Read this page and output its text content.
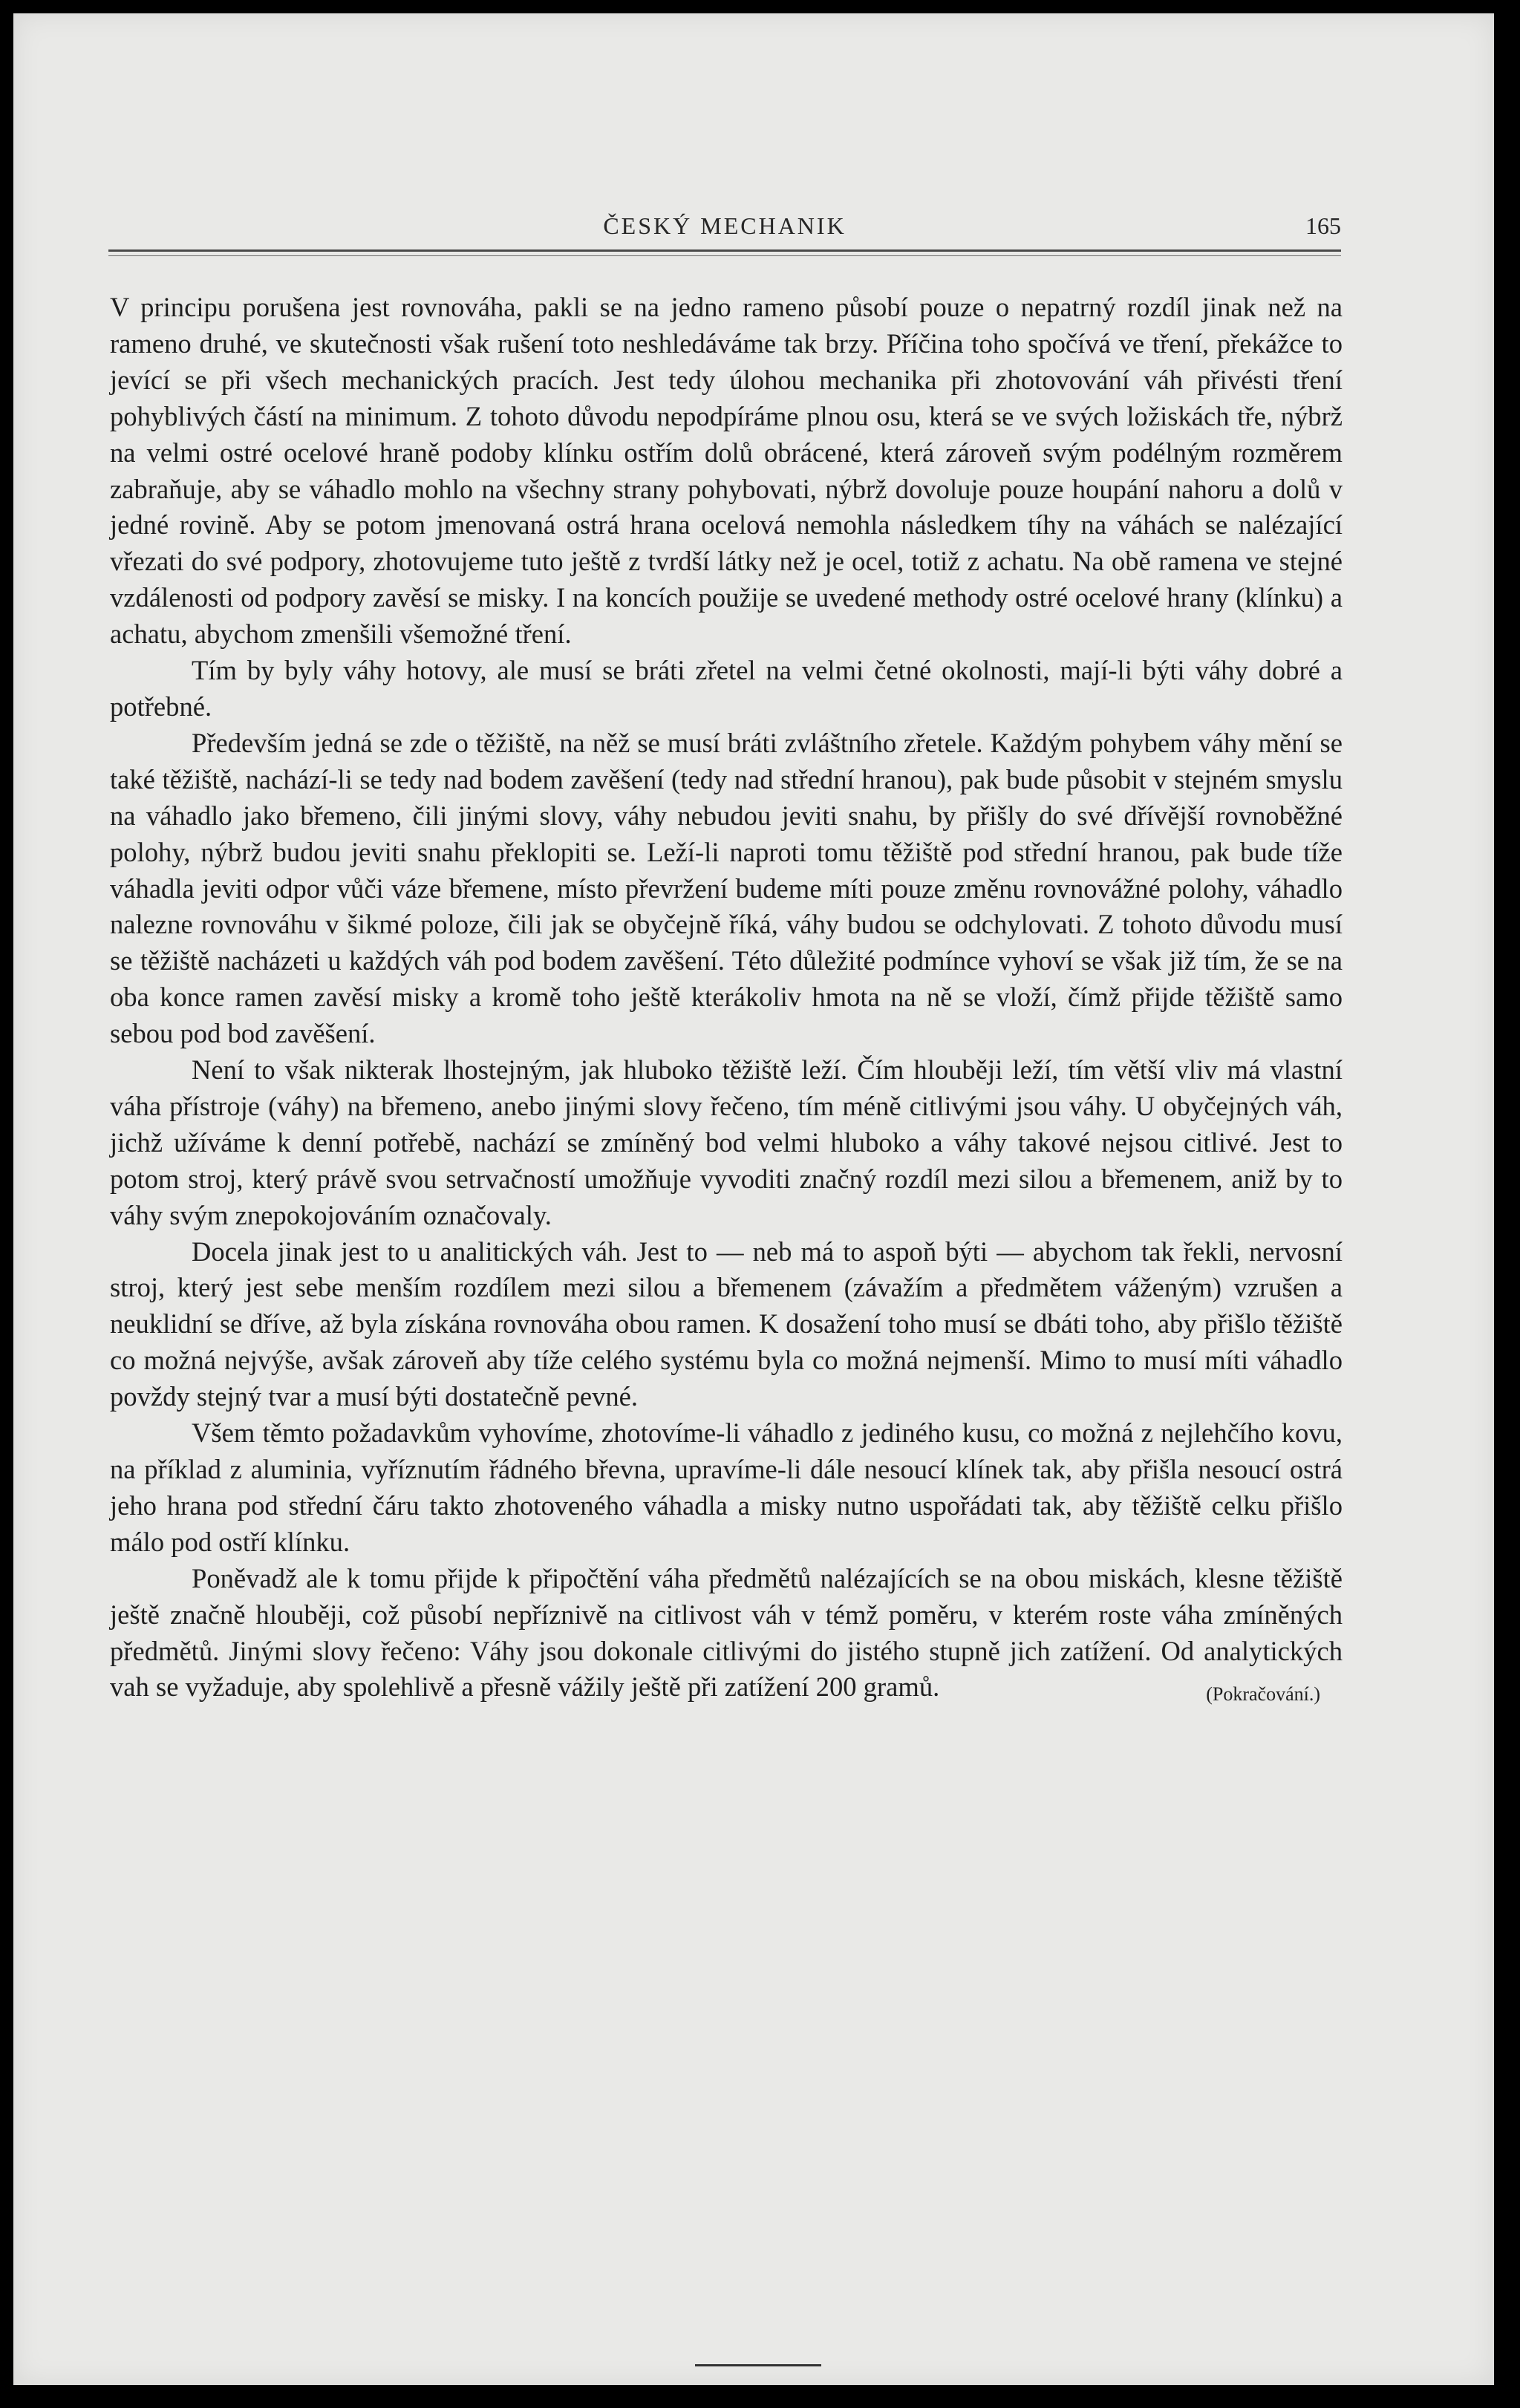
ČESKÝ MECHANIK	165

V principu porušena jest rovnováha, pakli se na jedno rameno působí pouze o nepatrný rozdíl jinak než na rameno druhé, ve skutečnosti však rušení toto neshledáváme tak brzy. Příčina toho spočívá ve tření, překážce to jevící se při všech mechanických pracích. Jest tedy úlohou mechanika při zhotovování váh přivésti tření pohyblivých částí na minimum. Z tohoto důvodu nepodpíráme plnou osu, která se ve svých ložiskách tře, nýbrž na velmi ostré ocelové hraně podoby klínku ostřím dolů obrácené, která zároveň svým podélným rozměrem zabraňuje, aby se váhadlo mohlo na všechny strany pohybovati, nýbrž dovoluje pouze houpání nahoru a dolů v jedné rovině. Aby se potom jmenovaná ostrá hrana ocelová nemohla následkem tíhy na váhách se nalézající vřezati do své podpory, zhotovujeme tuto ještě z tvrdší látky než je ocel, totiž z achatu. Na obě ramena ve stejné vzdálenosti od podpory zavěsí se misky. I na koncích použije se uvedené methody ostré ocelové hrany (klínku) a achatu, abychom zmenšili všemožné tření.

Tím by byly váhy hotovy, ale musí se bráti zřetel na velmi četné okolnosti, mají-li býti váhy dobré a potřebné.

Především jedná se zde o těžiště, na něž se musí bráti zvláštního zřetele. Každým pohybem váhy mění se také těžiště, nachází-li se tedy nad bodem zavěšení (tedy nad střední hranou), pak bude působit v stejném smyslu na váhadlo jako břemeno, čili jinými slovy, váhy nebudou jeviti snahu, by přišly do své dřívější rovnoběžné polohy, nýbrž budou jeviti snahu překlopiti se. Leží-li naproti tomu těžiště pod střední hranou, pak bude tíže váhadla jeviti odpor vůči váze břemene, místo převržení budeme míti pouze změnu rovnovážné polohy, váhadlo nalezne rovnováhu v šikmé poloze, čili jak se obyčejně říká, váhy budou se odchylovati. Z tohoto důvodu musí se těžiště nacházeti u každých váh pod bodem zavěšení. Této důležité podmínce vyhoví se však již tím, že se na oba konce ramen zavěsí misky a kromě toho ještě kterákoliv hmota na ně se vloží, čímž přijde těžiště samo sebou pod bod zavěšení.

Není to však nikterak lhostejným, jak hluboko těžiště leží. Čím hlouběji leží, tím větší vliv má vlastní váha přístroje (váhy) na břemeno, anebo jinými slovy řečeno, tím méně citlivými jsou váhy. U obyčejných váh, jichž užíváme k denní potřebě, nachází se zmíněný bod velmi hluboko a váhy takové nejsou citlivé. Jest to potom stroj, který právě svou setrvačností umožňuje vyvoditi značný rozdíl mezi silou a břemenem, aniž by to váhy svým znepokojováním označovaly.

Docela jinak jest to u analitických váh. Jest to — neb má to aspoň býti — abychom tak řekli, nervosní stroj, který jest sebe menším rozdílem mezi silou a břemenem (závažím a předmětem váženým) vzrušen a neuklidní se dříve, až byla získána rovnováha obou ramen. K dosažení toho musí se dbáti toho, aby přišlo těžiště co možná nejvýše, avšak zároveň aby tíže celého systému byla co možná nejmenší. Mimo to musí míti váhadlo povždy stejný tvar a musí býti dostatečně pevné.

Všem těmto požadavkům vyhovíme, zhotovíme-li váhadlo z jediného kusu, co možná z nejlehčího kovu, na příklad z aluminia, vyříznutím řádného břevna, upravíme-li dále nesoucí klínek tak, aby přišla nesoucí ostrá jeho hrana pod střední čáru takto zhotoveného váhadla a misky nutno uspořádati tak, aby těžiště celku přišlo málo pod ostří klínku.

Poněvadž ale k tomu přijde k připočtění váha předmětů nalézajících se na obou miskách, klesne těžiště ještě značně hlouběji, což působí nepříznivě na citlivost váh v témž poměru, v kterém roste váha zmíněných předmětů. Jinými slovy řečeno: Váhy jsou dokonale citlivými do jistého stupně jich zatížení. Od analytických vah se vyžaduje, aby spolehlivě a přesně vážily ještě při zatížení 200 gramů.	(Pokračování.)
